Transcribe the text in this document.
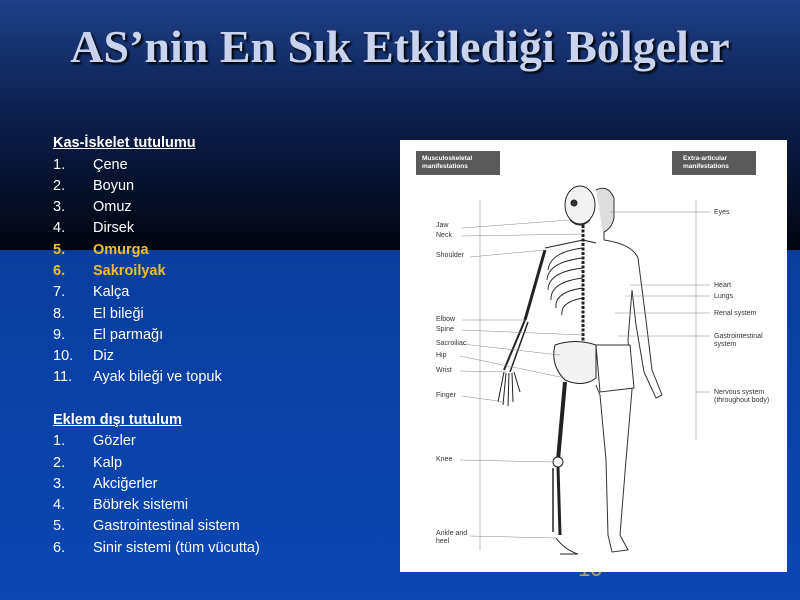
AS’nin En Sık Etkilediği Bölgeler
Kas-İskelet tutulumu
1.	Çene
2.	Boyun
3.	Omuz
4.	Dirsek
5.	Omurga
6.	Sakroilyak
7.	Kalça
8.	El bileği
9.	El parmağı
10.	Diz
11.	Ayak bileği ve topuk
Eklem dışı tutulum
1.	Gözler
2.	Kalp
3.	Akciğerler
4.	Böbrek sistemi
5.	Gastrointestinal sistem
6.	Sinir sistemi (tüm vücutta)
Musculoskeletal manifestations
Extra-articular manifestations
Jaw
Neck
Shoulder
Elbow
Spine
Sacroiliac
Hip
Wrist
Finger
Knee
Ankle and
heel
Eyes
Heart
Lungs
Renal system
Gastrointestinal
system
Nervous system
(throughout body)
